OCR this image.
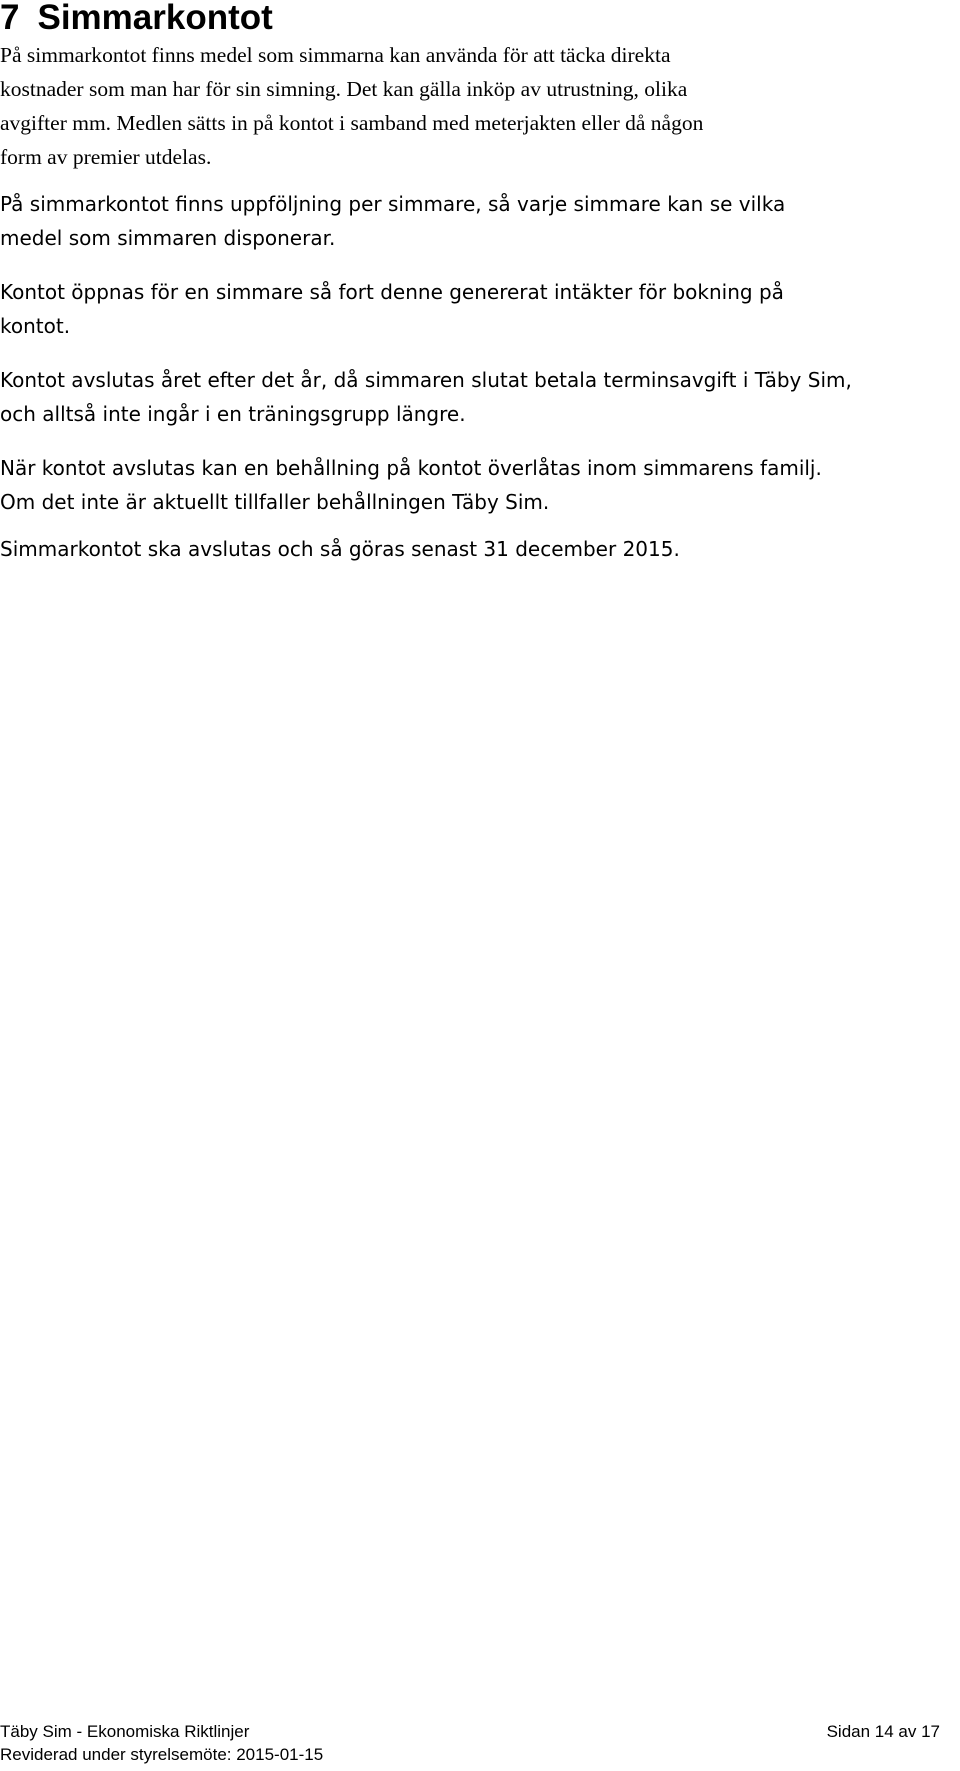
7 Simmarkontot

På simmarkontot finns medel som simmarna kan använda för att täcka direkta
kostnader som man har för sin simning. Det kan gälla inköp av utrustning, olika
avgifter mm. Medlen sätts in på kontot i samband med meterjakten eller då någon
form av premier utdelas.

På simmarkontot finns uppföljning per simmare, så varje simmare kan se vilka
medel som simmaren disponerar.

Kontot öppnas för en simmare så fort denne genererat intäkter för bokning på
kontot.

Kontot avslutas året efter det år, då simmaren slutat betala terminsavgift i Täby Sim,
och alltså inte ingår i en träningsgrupp längre.

När kontot avslutas kan en behållning på kontot överlåtas inom simmarens familj.
Om det inte är aktuellt tillfaller behållningen Täby Sim.

Simmarkontot ska avslutas och så göras senast 31 december 2015.

Täby Sim - Ekonomiska Riktlinjer	Sidan 14 av 17
Reviderad under styrelsemöte: 2015-01-15
